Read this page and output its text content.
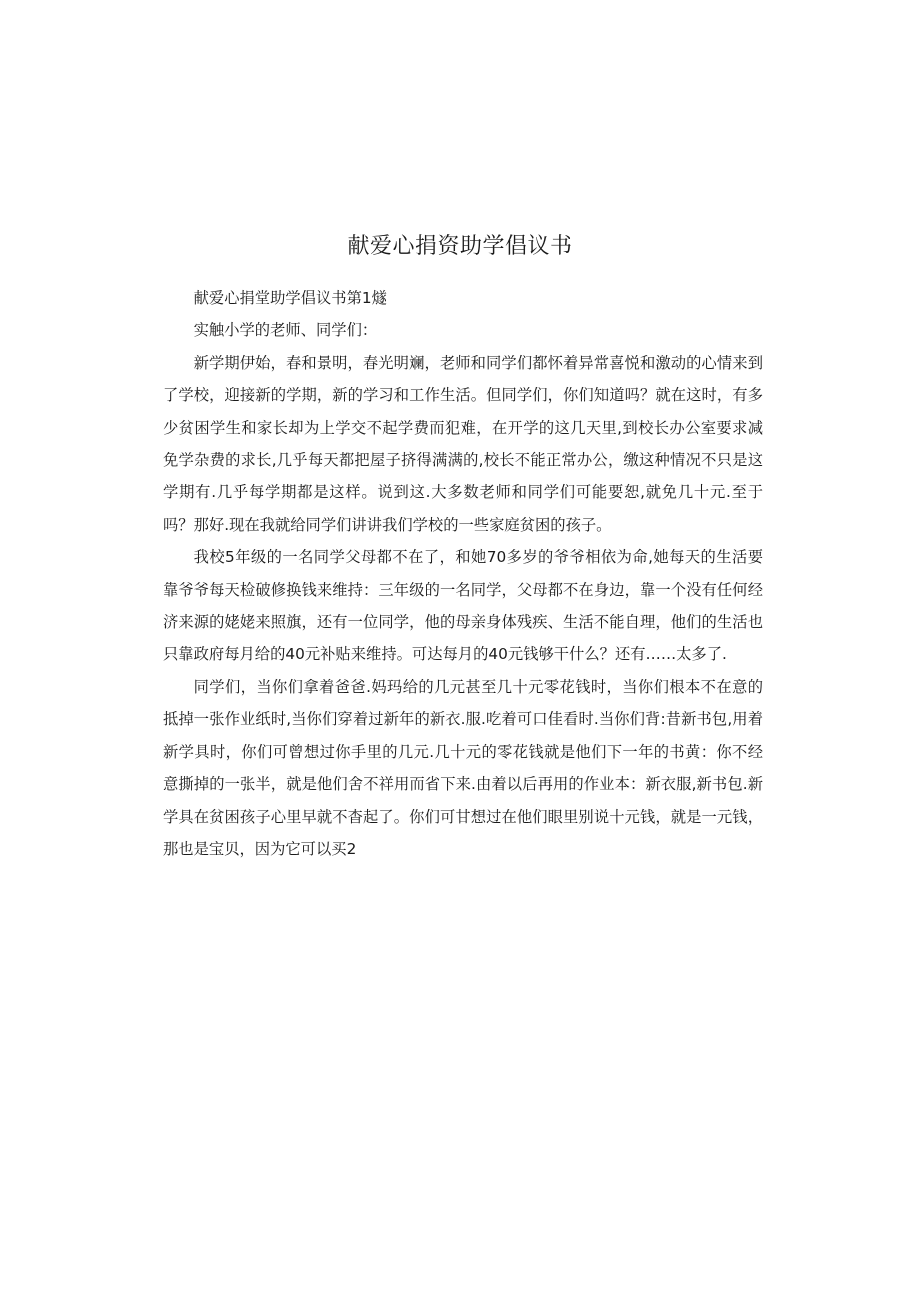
献爱心捐资助学倡议书

献爱心捐堂助学倡议书第1燧

实触小学的老师、同学们：

新学期伊始，春和景明，春光明斓，老师和同学们都怀着异常喜悦和激动的心情来到了学校，迎接新的学期，新的学习和工作生活。但同学们，你们知道吗？就在这时，有多少贫困学生和家长却为上学交不起学费而犯难，在开学的这几天里,到校长办公室要求减免学杂费的求长,几乎每天都把屋子挤得满满的,校长不能正常办公，缴这种情况不只是这学期有.几乎每学期都是这样。说到这.大多数老师和同学们可能要恕,就免几十元.至于吗？那好.现在我就给同学们讲讲我们学校的一些家庭贫困的孩子。

我校5年级的一名同学父母都不在了，和她70多岁的爷爷相依为命,她每天的生活要靠爷爷每天检破修换钱来维持：三年级的一名同学，父母都不在身边，靠一个没有任何经济来源的姥姥来照旗，还有一位同学，他的母亲身体残疾、生活不能自理，他们的生活也只靠政府每月给的40元补贴来维持。可达每月的40元钱够干什么？还有……太多了.

同学们，当你们拿着爸爸.妈玛给的几元甚至几十元零花钱时，当你们根本不在意的抵掉一张作业纸时,当你们穿着过新年的新衣.服.吃着可口佳看时.当你们背:昔新书包,用着新学具时，你们可曾想过你手里的几元.几十元的零花钱就是他们下一年的书黄：你不经意撕掉的一张半，就是他们舍不祥用而省下来.由着以后再用的作业本：新衣服,新书包.新学具在贫困孩子心里早就不杳起了。你们可甘想过在他们眼里别说十元钱，就是一元钱，那也是宝贝，因为它可以买2
